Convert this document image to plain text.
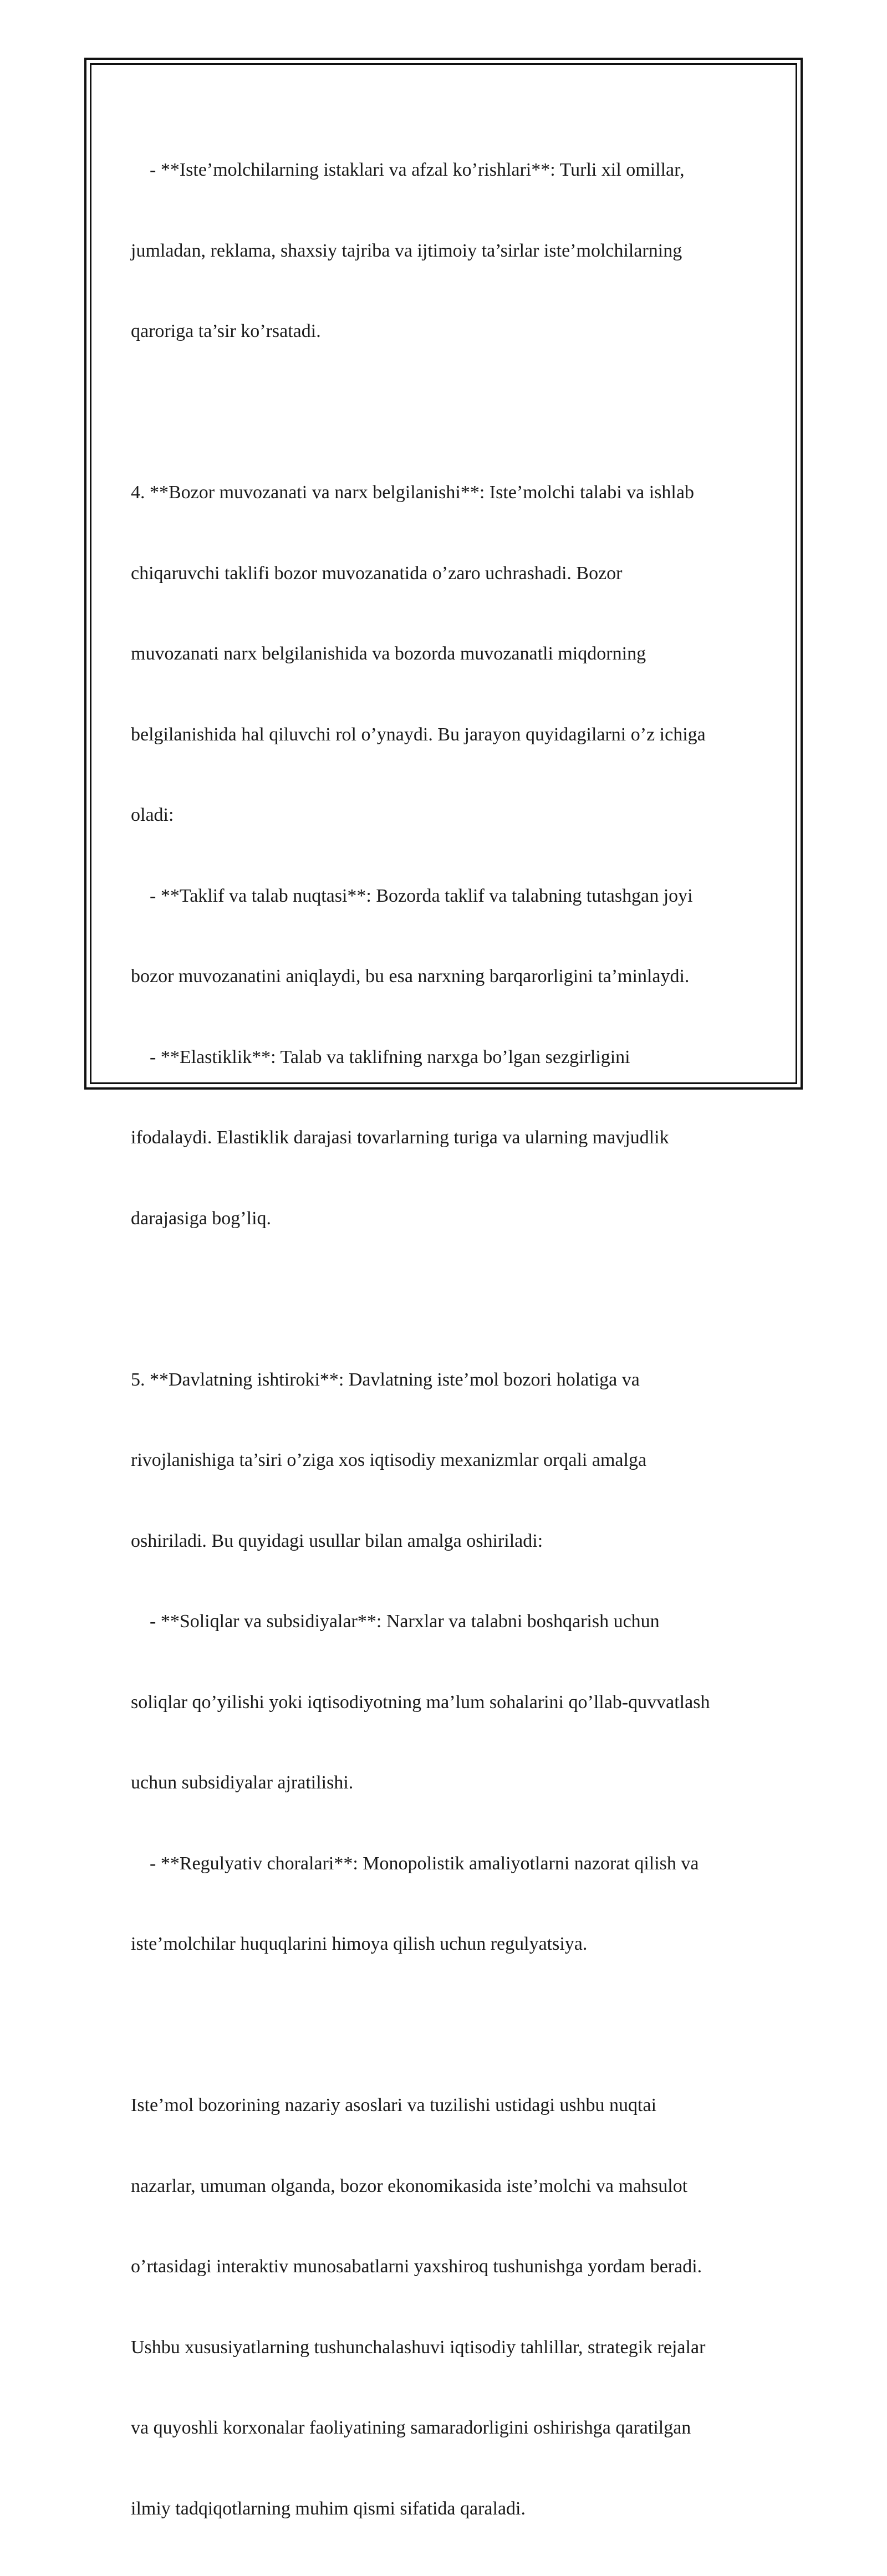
- **Iste’molchilarning istaklari va afzal ko’rishlari**: Turli xil omillar,

jumladan, reklama, shaxsiy tajriba va ijtimoiy ta’sirlar iste’molchilarning

qaroriga ta’sir ko’rsatadi.

4. **Bozor muvozanati va narx belgilanishi**: Iste’molchi talabi va ishlab

chiqaruvchi taklifi bozor muvozanatida o’zaro uchrashadi. Bozor

muvozanati narx belgilanishida va bozorda muvozanatli miqdorning

belgilanishida hal qiluvchi rol o’ynaydi. Bu jarayon quyidagilarni o’z ichiga

oladi:

- **Taklif va talab nuqtasi**: Bozorda taklif va talabning tutashgan joyi

bozor muvozanatini aniqlaydi, bu esa narxning barqarorligini ta’minlaydi.

- **Elastiklik**: Talab va taklifning narxga bo’lgan sezgirligini

ifodalaydi. Elastiklik darajasi tovarlarning turiga va ularning mavjudlik

darajasiga bog’liq.

5. **Davlatning ishtiroki**: Davlatning iste’mol bozori holatiga va

rivojlanishiga ta’siri o’ziga xos iqtisodiy mexanizmlar orqali amalga

oshiriladi. Bu quyidagi usullar bilan amalga oshiriladi:

- **Soliqlar va subsidiyalar**: Narxlar va talabni boshqarish uchun

soliqlar qo’yilishi yoki iqtisodiyotning ma’lum sohalarini qo’llab-quvvatlash

uchun subsidiyalar ajratilishi.

- **Regulyativ choralari**: Monopolistik amaliyotlarni nazorat qilish va

iste’molchilar huquqlarini himoya qilish uchun regulyatsiya.

Iste’mol bozorining nazariy asoslari va tuzilishi ustidagi ushbu nuqtai

nazarlar, umuman olganda, bozor ekonomikasida iste’molchi va mahsulot

o’rtasidagi interaktiv munosabatlarni yaxshiroq tushunishga yordam beradi.

Ushbu xususiyatlarning tushunchalashuvi iqtisodiy tahlillar, strategik rejalar

va quyoshli korxonalar faoliyatining samaradorligini oshirishga qaratilgan

ilmiy tadqiqotlarning muhim qismi sifatida qaraladi.
